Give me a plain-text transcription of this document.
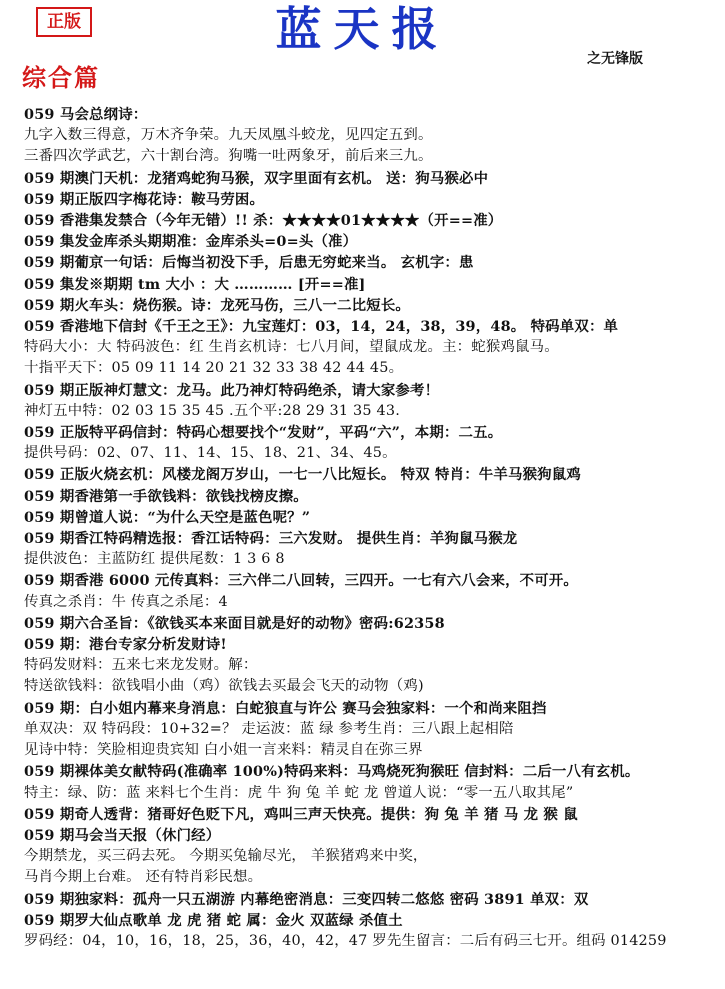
正版	蓝天报
之无锋版
综合篇
059 马会总纲诗：
九字入数三得意，万木齐争荣。九天凤凰斗蛟龙，见四定五到。
三番四次学武艺，六十割台湾。狗嘴一吐两象牙，前后来三九。
059 期澳门天机：龙猪鸡蛇狗马猴，双字里面有玄机。 送：狗马猴必中
059 期正版四字梅花诗：鞍马劳困。
059 香港集发禁合（今年无错）!! 杀：★★★★01★★★★（开==准）
059 集发金库杀头期期准：金库杀头=0=头（准）
059 期葡京一句话：后悔当初没下手，后患无穷蛇来当。 玄机字：患
059 集发※期期 tm 大小 ：大 ………… [开==准]
059 期火车头：烧伤猴。诗：龙死马伤，三八一二比短长。
059 香港地下信封《千王之王》：九宝莲灯：03，14，24，38，39，48。 特码单双：单
特码大小：大 特码波色：红 生肖玄机诗：七八月间，望鼠成龙。主：蛇猴鸡鼠马。
十指平天下：05 09 11 14 20 21 32 33 38 42 44 45。
059 期正版神灯慧文：龙马。此乃神灯特码绝杀，请大家参考！
神灯五中特：02 03 15 35 45 .五个平:28 29 31 35 43.
059 正版特平码信封：特码心想要找个“发财”，平码“六”，本期：二五。
提供号码：02、07、11、14、15、18、21、34、45。
059 正版火烧玄机：风楼龙阁万岁山，一七一八比短长。 特双 特肖：牛羊马猴狗鼠鸡
059 期香港第一手欲钱料：欲钱找榜皮擦。
059 期曾道人说：“为什么天空是蓝色呢？”
059 期香江特码精选报：香江话特码：三六发财。 提供生肖：羊狗鼠马猴龙
提供波色：主蓝防红 提供尾数：1 3 6 8
059 期香港 6000 元传真料：三六伴二八回转，三四开。一七有六八会来，不可开。
传真之杀肖：牛 传真之杀尾：4
059 期六合圣旨：《欲钱买本来面目就是好的动物》密码:62358
059 期：港台专家分析发财诗!
特码发财料：五来七来龙发财。解：
特送欲钱料：欲钱唱小曲（鸡）欲钱去买最会飞天的动物（鸡)
059 期：白小姐内幕来身消息：白蛇狼直与许公 赛马会独家料：一个和尚来阻挡
单双决：双 特码段：10+32=？ 走运波：蓝 绿 参考生肖：三八跟上起相陪
见诗中特：笑脸相迎贵宾知 白小姐一言来料：精灵自在弥三界
059 期裸体美女献特码(准确率 100%)特码来料：马鸡烧死狗猴旺 信封料：二后一八有玄机。
特主：绿、防：蓝 来料七个生肖：虎 牛 狗 兔 羊 蛇 龙 曾道人说：“零一五八取其尾”
059 期奇人透背：猪哥好色贬下凡，鸡叫三声天快亮。提供：狗 兔 羊 猪 马 龙 猴 鼠
059 期马会当天报（休门经）
今期禁龙，买三码去死。 今期买兔输尽光， 羊猴猪鸡来中奖，
马肖今期上台难。 还有特肖彩民想。
059 期独家料：孤舟一只五湖游 内幕绝密消息：三变四转二悠悠 密码 3891 单双：双
059 期罗大仙点歌单 龙 虎 猪 蛇 属：金火 双蓝绿 杀值土
罗码经：04，10，16，18，25，36，40，42，47 罗先生留言：二后有码三七开。组码 014259
